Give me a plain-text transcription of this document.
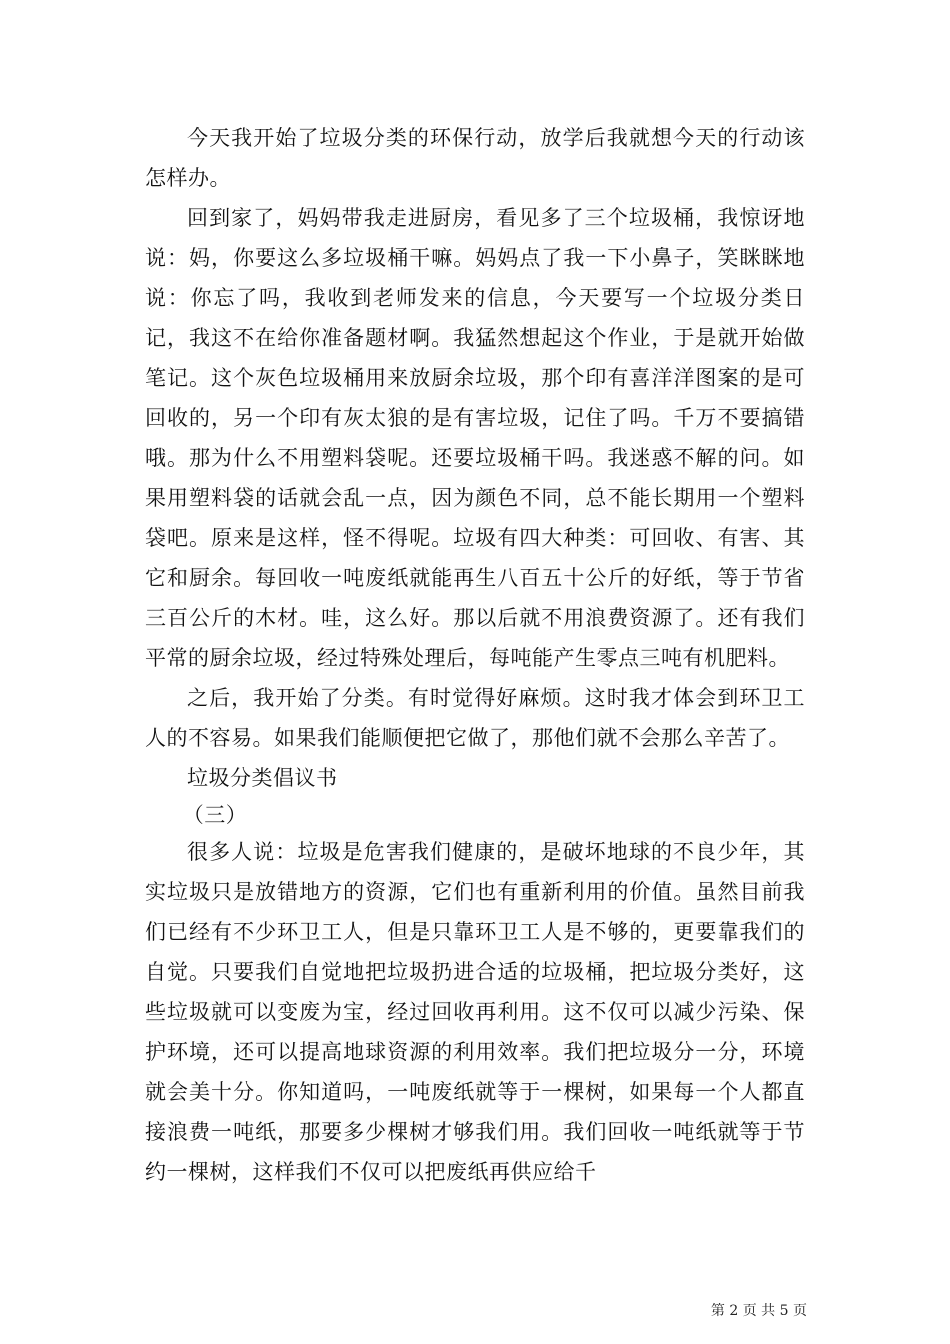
今天我开始了垃圾分类的环保行动，放学后我就想今天的行动该怎样办。

回到家了，妈妈带我走进厨房，看见多了三个垃圾桶，我惊讶地说：妈，你要这么多垃圾桶干嘛。妈妈点了我一下小鼻子，笑眯眯地说：你忘了吗，我收到老师发来的信息，今天要写一个垃圾分类日记，我这不在给你准备题材啊。我猛然想起这个作业，于是就开始做笔记。这个灰色垃圾桶用来放厨余垃圾，那个印有喜洋洋图案的是可回收的，另一个印有灰太狼的是有害垃圾，记住了吗。千万不要搞错哦。那为什么不用塑料袋呢。还要垃圾桶干吗。我迷惑不解的问。如果用塑料袋的话就会乱一点，因为颜色不同，总不能长期用一个塑料袋吧。原来是这样，怪不得呢。垃圾有四大种类：可回收、有害、其它和厨余。每回收一吨废纸就能再生八百五十公斤的好纸，等于节省三百公斤的木材。哇，这么好。那以后就不用浪费资源了。还有我们平常的厨余垃圾，经过特殊处理后，每吨能产生零点三吨有机肥料。

之后，我开始了分类。有时觉得好麻烦。这时我才体会到环卫工人的不容易。如果我们能顺便把它做了，那他们就不会那么辛苦了。

垃圾分类倡议书

（三）

很多人说：垃圾是危害我们健康的，是破坏地球的不良少年，其实垃圾只是放错地方的资源，它们也有重新利用的价值。虽然目前我们已经有不少环卫工人，但是只靠环卫工人是不够的，更要靠我们的自觉。只要我们自觉地把垃圾扔进合适的垃圾桶，把垃圾分类好，这些垃圾就可以变废为宝，经过回收再利用。这不仅可以减少污染、保护环境，还可以提高地球资源的利用效率。我们把垃圾分一分，环境就会美十分。你知道吗，一吨废纸就等于一棵树，如果每一个人都直接浪费一吨纸，那要多少棵树才够我们用。我们回收一吨纸就等于节约一棵树，这样我们不仅可以把废纸再供应给千

第 2 页 共 5 页
